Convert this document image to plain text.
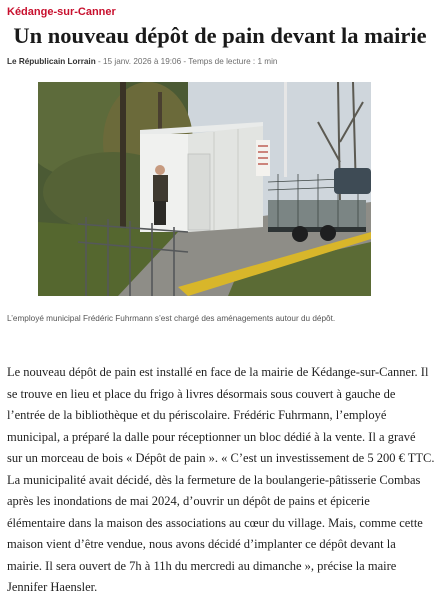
Kédange-sur-Canner
Un nouveau dépôt de pain devant la mairie
Le Républicain Lorrain - 15 janv. 2026 à 19:06 - Temps de lecture : 1 min
L’employé municipal Frédéric Fuhrmann s’est chargé des aménagements autour du dépôt.
Le nouveau dépôt de pain est installé en face de la mairie de Kédange-sur-Canner. Il
se trouve en lieu et place du frigo à livres désormais sous couvert à gauche de
l’entrée de la bibliothèque et du périscolaire. Frédéric Fuhrmann, l’employé
municipal, a préparé la dalle pour réceptionner un bloc dédié à la vente. Il a gravé
sur un morceau de bois « Dépôt de pain ». « C’est un investissement de 5 200 € TTC.
La municipalité avait décidé, dès la fermeture de la boulangerie-pâtisserie Combas
après les inondations de mai 2024, d’ouvrir un dépôt de pains et épicerie
élémentaire dans la maison des associations au cœur du village. Mais, comme cette
maison vient d’être vendue, nous avons décidé d’implanter ce dépôt devant la
mairie. Il sera ouvert de 7h à 11h du mercredi au dimanche », précise la maire
Jennifer Haensler.
